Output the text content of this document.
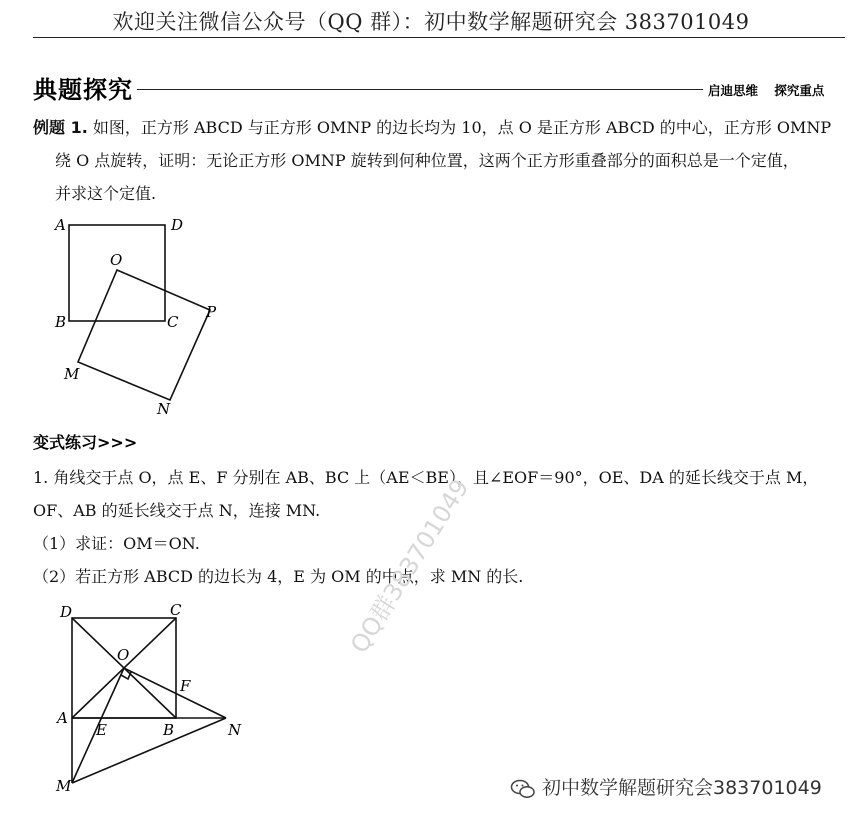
欢迎关注微信公众号（QQ 群）：初中数学解题研究会 383701049
典题探究	启迪思维 探究重点
例题 1. 如图，正方形 ABCD 与正方形 OMNP 的边长均为 10，点 O 是正方形 ABCD 的中心，正方形 OMNP
绕 O 点旋转，证明：无论正方形 OMNP 旋转到何种位置，这两个正方形重叠部分的面积总是一个定值，
并求这个定值.
A	D
O
B	C
P
M
N
变式练习>>>
1. 角线交于点 O，点 E、F 分别在 AB、BC 上（AE＜BE），且∠EOF＝90°，OE、DA 的延长线交于点 M，
OF、AB 的延长线交于点 N，连接 MN.
（1）求证：OM＝ON.
（2）若正方形 ABCD 的边长为 4，E 为 OM 的中点，求 MN 的长.
D	C
O
F
A
E	B	N
M
QQ群383701049
初中数学解题研究会383701049
